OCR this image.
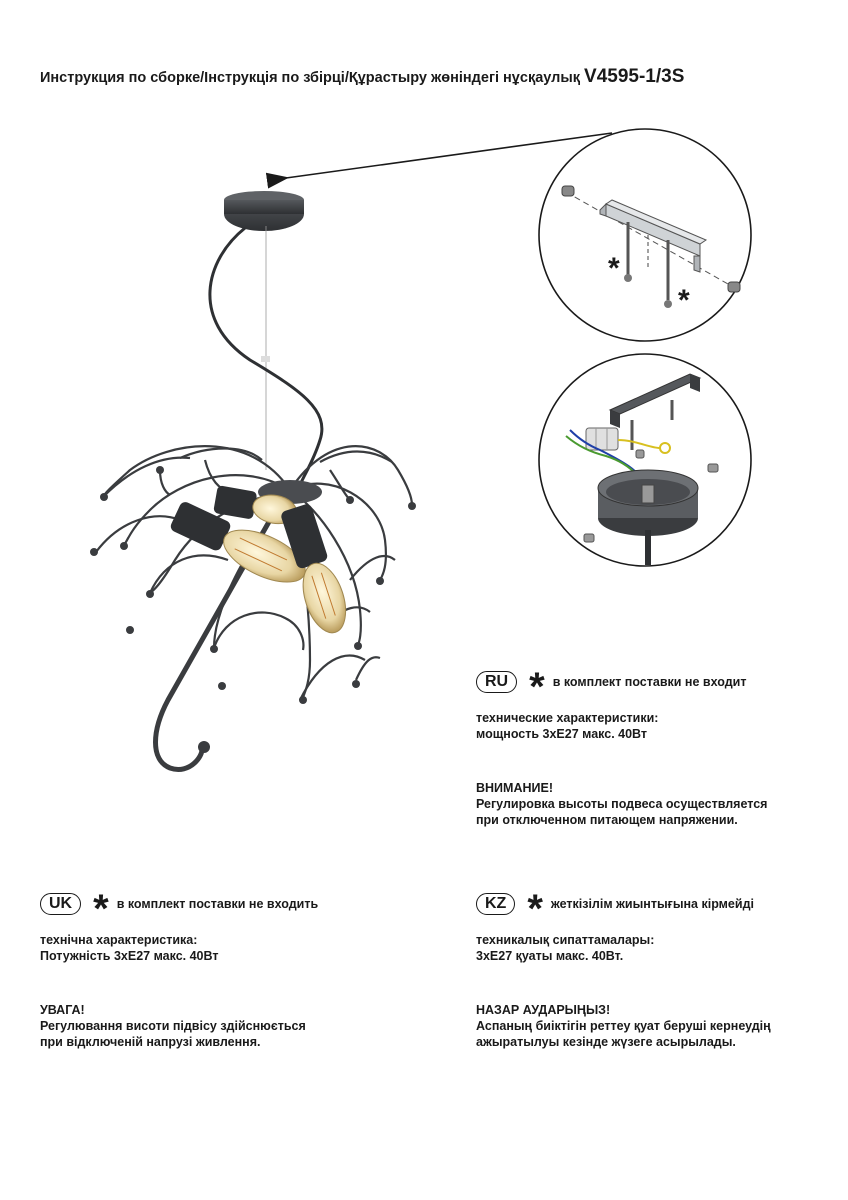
Инструкция по сборке/Інструкція по збірці/Құрастыру жөніндегі нұсқаулық V4595-1/3S
*
*
RU * в комплект поставки не входит

технические характеристики:

мощность 3xE27 макс. 40Вт

ВНИМАНИЕ!

Регулировка высоты подвеса осуществляется

при отключенном питающем напряжении.

UK * в комплект поставки не входить

технічна характеристика:

Потужність 3xE27 макс. 40Вт

УВАГА!

Регулювання висоти підвісу здійснюється

при відключеній напрузі живлення.

KZ * жеткізілім жиынтығына кірмейді

техникалық сипаттамалары:

3xE27 қуаты макс. 40Вт.

НАЗАР АУДАРЫҢЫЗ!

Аспаның биіктігін реттеу қуат беруші кернеудің

ажыратылуы кезінде жүзеге асырылады.
